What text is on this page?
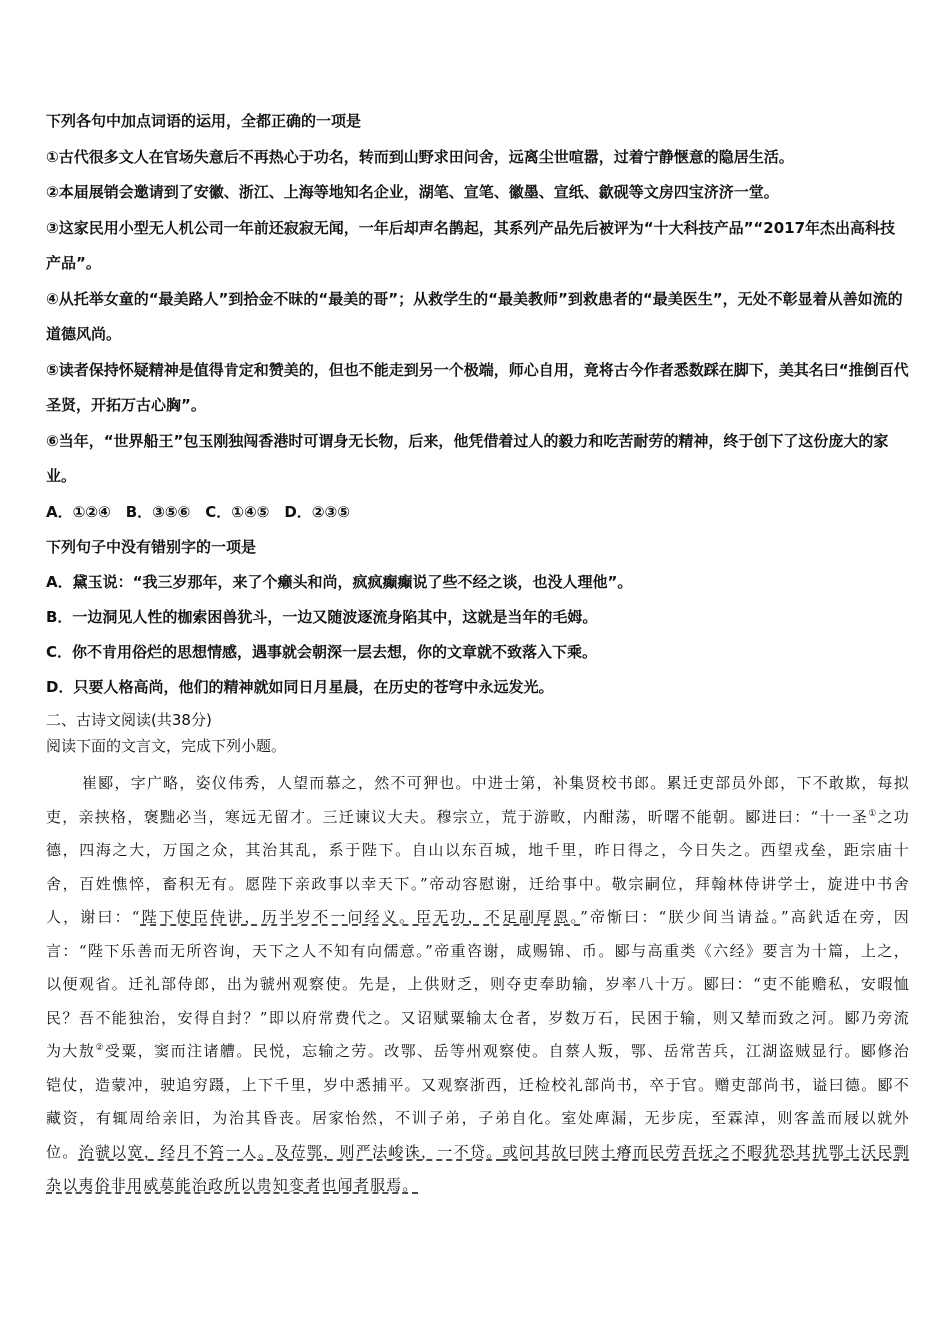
下列各句中加点词语的运用，全都正确的一项是

①古代很多文人在官场失意后不再热心于功名，转而到山野求田问舍，远离尘世喧嚣，过着宁静惬意的隐居生活。

②本届展销会邀请到了安徽、浙江、上海等地知名企业，湖笔、宣笔、徽墨、宣纸、歙砚等文房四宝济济一堂。

③这家民用小型无人机公司一年前还寂寂无闻，一年后却声名鹊起，其系列产品先后被评为“十大科技产品”“2017年杰出高科技产品”。

④从托举女童的“最美路人”到拾金不昧的“最美的哥”；从救学生的“最美教师”到救患者的“最美医生”，无处不彰显着从善如流的道德风尚。

⑤读者保持怀疑精神是值得肯定和赞美的，但也不能走到另一个极端，师心自用，竟将古今作者悉数踩在脚下，美其名曰“推倒百代圣贤，开拓万古心胸”。

⑥当年，“世界船王”包玉刚独闯香港时可谓身无长物，后来，他凭借着过人的毅力和吃苦耐劳的精神，终于创下了这份庞大的家业。

A．①②④　B．③⑤⑥　C．①④⑤　D．②③⑤

下列句子中没有错别字的一项是

A．黛玉说：“我三岁那年，来了个癞头和尚，疯疯癫癫说了些不经之谈，也没人理他”。

B．一边洞见人性的枷索困兽犹斗，一边又随波逐流身陷其中，这就是当年的毛姆。

C．你不肯用俗烂的思想情感，遇事就会朝深一层去想，你的文章就不致落入下乘。

D．只要人格高尚，他们的精神就如同日月星晨，在历史的苍穹中永远发光。

二、古诗文阅读(共38分)

阅读下面的文言文，完成下列小题。

崔郾，字广略，姿仪伟秀，人望而慕之，然不可狎也。中进士第，补集贤校书郎。累迁吏部员外郎，下不敢欺，每拟吏，亲挟格，褒黜必当，寒远无留才。三迁谏议大夫。穆宗立，荒于游畋，内酣荡，昕曙不能朝。郾进曰：“十一圣①之功德，四海之大，万国之众，其治其乱，系于陛下。自山以东百城，地千里，昨日得之，今日失之。西望戎垒，距宗庙十舍，百姓憔悴，畜积无有。愿陛下亲政事以幸天下。”帝动容慰谢，迁给事中。敬宗嗣位，拜翰林侍讲学士，旋进中书舍人，谢曰：“陛下使臣侍讲，历半岁不一问经义。臣无功，不足副厚恩。”帝惭曰：“朕少间当请益。”高釴适在旁，因言：“陛下乐善而无所咨询，天下之人不知有向儒意。”帝重咨谢，咸赐锦、币。郾与高重类《六经》要言为十篇，上之，以便观省。迁礼部侍郎，出为虢州观察使。先是，上供财乏，则夺吏奉助输，岁率八十万。郾曰：“吏不能赡私，安暇恤民？吾不能独治，安得自封？”即以府常费代之。又诏赋粟输太仓者，岁数万石，民困于输，则又辇而致之河。郾乃旁流为大敖②受粟，窦而注诸艚。民悦，忘输之劳。改鄂、岳等州观察使。自蔡人叛，鄂、岳常苦兵，江湖盗贼显行。郾修治铠仗，造蒙冲，驶追穷蹑，上下千里，岁中悉捕平。又观察浙西，迁检校礼部尚书，卒于官。赠吏部尚书，谥曰德。郾不藏资，有辄周给亲旧，为治其昏丧。居家怡然，不训子弟，子弟自化。室处庳漏，无步庑，至霖淖，则客盖而屐以就外位。治虢以宽，经月不笞一人。及莅鄂，则严法峻诛，一不贷。或问其故曰陕土瘠而民劳吾抚之不暇犹恐其扰鄂土沃民剽杂以夷俗非用威莫能治政所以贵知变者也闻者服焉。
